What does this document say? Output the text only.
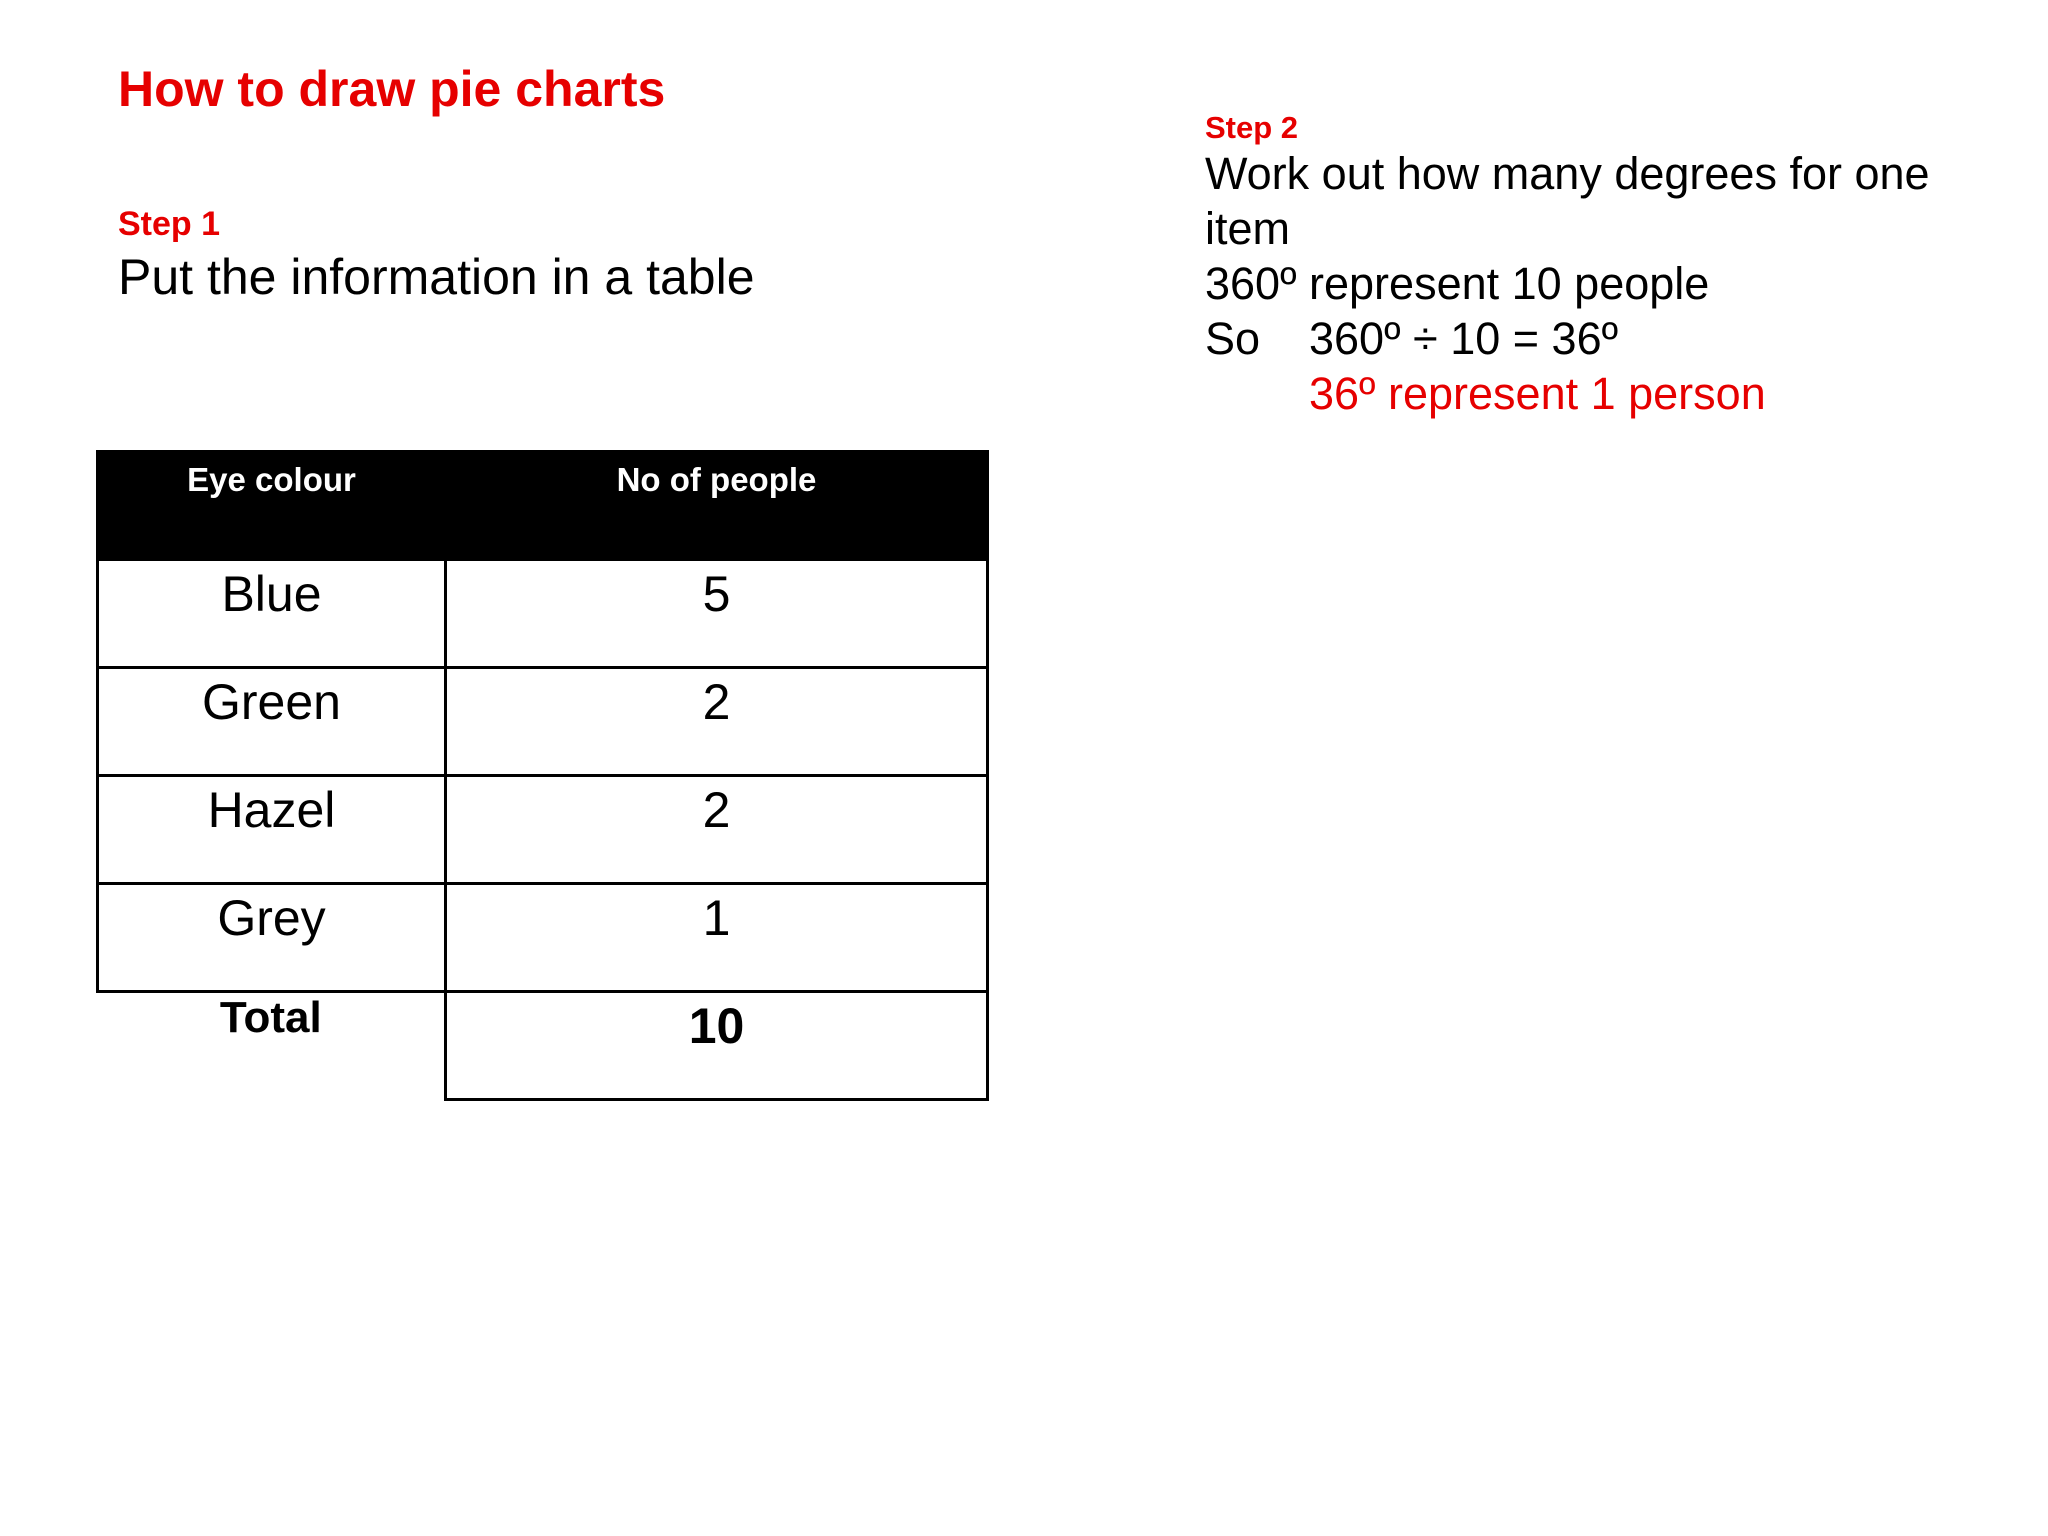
How to draw pie charts
Step 1
Put the information in a table
Eye colour	No of people
Blue	5
Green	2
Hazel	2
Grey	1
Total	10
Step 2
Work out how many degrees for one
item
360º represent 10 people
So 360º ÷ 10 = 36º
36º represent 1 person
